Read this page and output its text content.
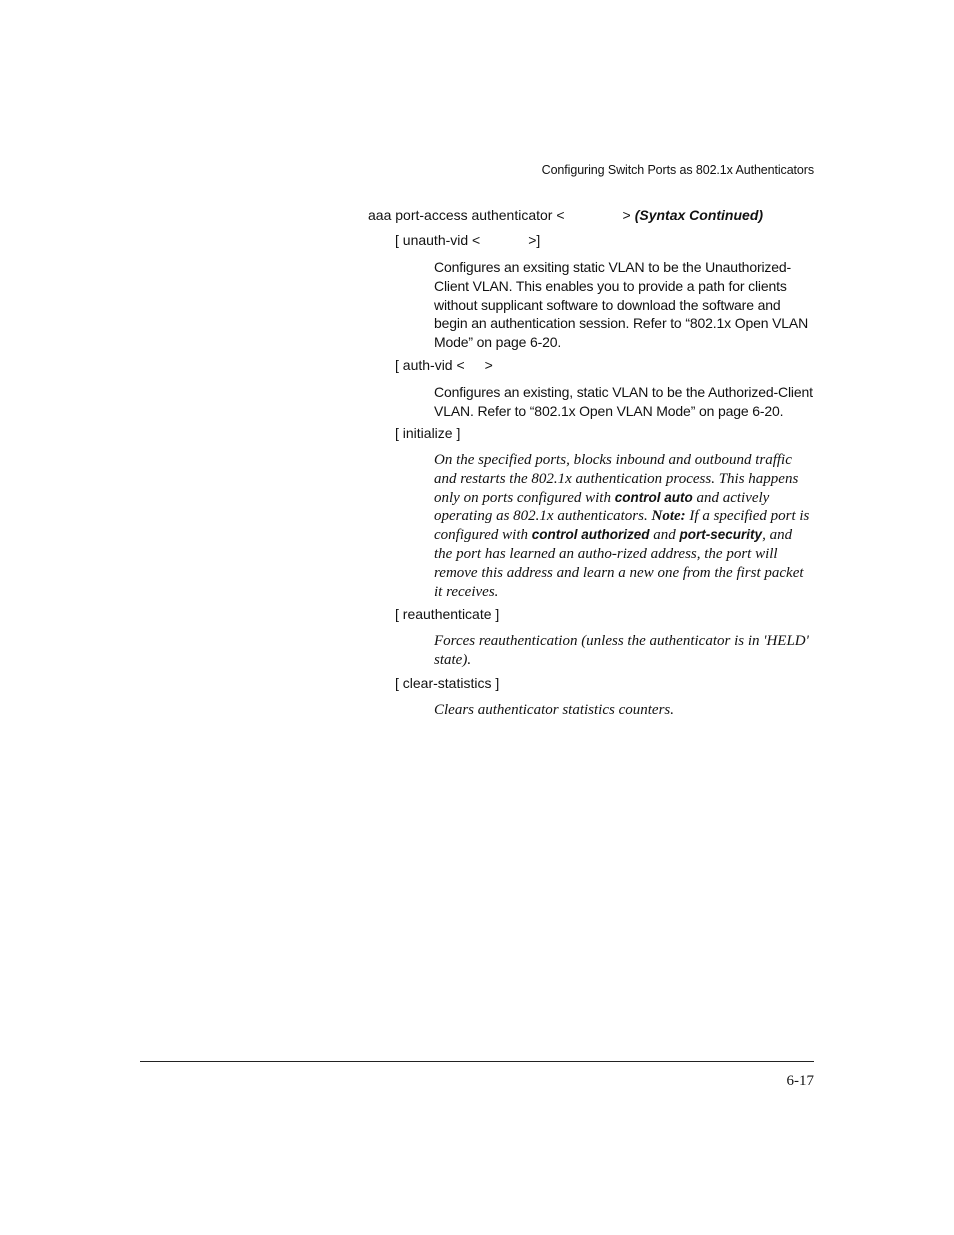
Configuring Switch Ports as 802.1x Authenticators
aaa port-access authenticator <	> (Syntax Continued)
[ unauth-vid <	>]
Configures an exsiting static VLAN to be the Unauthorized-Client VLAN. This enables you to provide a path for clients without supplicant software to download the software and begin an authentication session. Refer to “802.1x Open VLAN Mode” on page 6-20.
[ auth-vid < >
Configures an existing, static VLAN to be the Authorized-Client VLAN. Refer to “802.1x Open VLAN Mode” on page 6-20.
[ initialize ]
On the specified ports, blocks inbound and outbound traffic and restarts the 802.1x authentication process. This happens only on ports configured with control auto and actively operating as 802.1x authenticators. Note: If a specified port is configured with control authorized and port-security, and the port has learned an autho-rized address, the port will remove this address and learn a new one from the first packet it receives.
[ reauthenticate ]
Forces reauthentication (unless the authenticator is in 'HELD' state).
[ clear-statistics ]
Clears authenticator statistics counters.
6-17
